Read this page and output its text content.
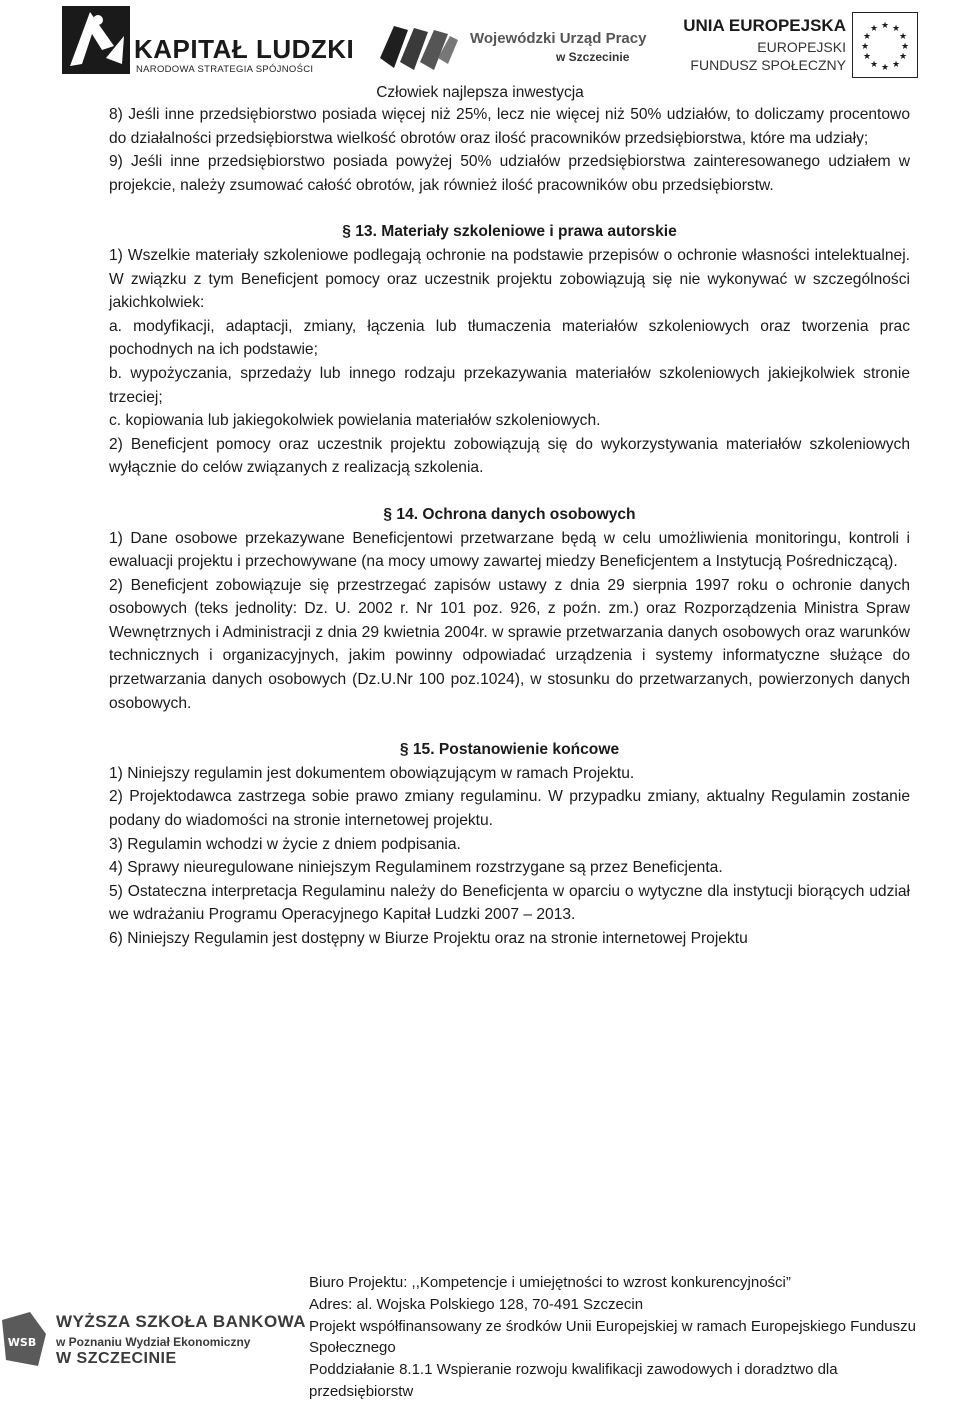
KAPITAŁ LUDZKI
NARODOWA STRATEGIA SPÓJNOŚCI
Wojewódzki Urząd Pracy
w Szczecinie
UNIA EUROPEJSKA
EUROPEJSKI
FUNDUSZ SPOŁECZNY
★ ★
★
★
★
★
★
★
★
★
★
★
Człowiek najlepsza inwestycja

8) Jeśli inne przedsiębiorstwo posiada więcej niż 25%, lecz nie więcej niż 50% udziałów, to doliczamy procentowo do działalności przedsiębiorstwa wielkość obrotów oraz ilość pracowników przedsiębiorstwa, które ma udziały;

9) Jeśli inne przedsiębiorstwo posiada powyżej 50% udziałów przedsiębiorstwa zainteresowanego udziałem w projekcie, należy zsumować całość obrotów, jak również ilość pracowników obu przedsiębiorstw.

§ 13. Materiały szkoleniowe i prawa autorskie

1) Wszelkie materiały szkoleniowe podlegają ochronie na podstawie przepisów o ochronie własności intelektualnej. W związku z tym Beneficjent pomocy oraz uczestnik projektu zobowiązują się nie wykonywać w szczególności jakichkolwiek:

a. modyfikacji, adaptacji, zmiany, łączenia lub tłumaczenia materiałów szkoleniowych oraz tworzenia prac pochodnych na ich podstawie;

b. wypożyczania, sprzedaży lub innego rodzaju przekazywania materiałów szkoleniowych jakiejkolwiek stronie trzeciej;

c. kopiowania lub jakiegokolwiek powielania materiałów szkoleniowych.

2) Beneficjent pomocy oraz uczestnik projektu zobowiązują się do wykorzystywania materiałów szkoleniowych wyłącznie do celów związanych z realizacją szkolenia.

§ 14. Ochrona danych osobowych

1) Dane osobowe przekazywane Beneficjentowi przetwarzane będą w celu umożliwienia monitoringu, kontroli i ewaluacji projektu i przechowywane (na mocy umowy zawartej miedzy Beneficjentem a Instytucją Pośredniczącą).

2) Beneficjent zobowiązuje się przestrzegać zapisów ustawy z dnia 29 sierpnia 1997 roku o ochronie danych osobowych (teks jednolity: Dz. U. 2002 r. Nr 101 poz. 926, z poźn. zm.) oraz Rozporządzenia Ministra Spraw Wewnętrznych i Administracji z dnia 29 kwietnia 2004r. w sprawie przetwarzania danych osobowych oraz warunków technicznych i organizacyjnych, jakim powinny odpowiadać urządzenia i systemy informatyczne służące do przetwarzania danych osobowych (Dz.U.Nr 100 poz.1024), w stosunku do przetwarzanych, powierzonych danych osobowych.

§ 15. Postanowienie końcowe

1) Niniejszy regulamin jest dokumentem obowiązującym w ramach Projektu.

2) Projektodawca zastrzega sobie prawo zmiany regulaminu. W przypadku zmiany, aktualny Regulamin zostanie podany do wiadomości na stronie internetowej projektu.

3) Regulamin wchodzi w życie z dniem podpisania.

4) Sprawy nieuregulowane niniejszym Regulaminem rozstrzygane są przez Beneficjenta.

5) Ostateczna interpretacja Regulaminu należy do Beneficjenta w oparciu o wytyczne dla instytucji biorących udział we wdrażaniu Programu Operacyjnego Kapitał Ludzki 2007 – 2013.

6) Niniejszy Regulamin jest dostępny w Biurze Projektu oraz na stronie internetowej Projektu

WSB
WYŻSZA SZKOŁA BANKOWA
w Poznaniu Wydział Ekonomiczny
W SZCZECINIE

Biuro Projektu: ,,Kompetencje i umiejętności to wzrost konkurencyjności”

Adres: al. Wojska Polskiego 128, 70-491 Szczecin

Projekt współfinansowany ze środków Unii Europejskiej w ramach Europejskiego Funduszu Społecznego

Poddziałanie 8.1.1 Wspieranie rozwoju kwalifikacji zawodowych i doradztwo dla przedsiębiorstw
